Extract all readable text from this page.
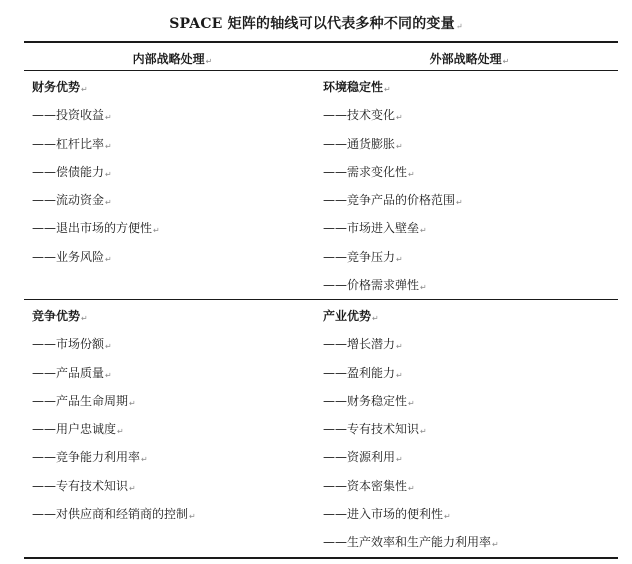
SPACE 矩阵的轴线可以代表多种不同的变量↵
内部战略处理↵	外部战略处理↵
财务优势↵
——投资收益↵
——杠杆比率↵
——偿债能力↵
——流动资金↵
——退出市场的方便性↵
——业务风险↵
环境稳定性↵
——技术变化↵
——通货膨胀↵
——需求变化性↵
——竞争产品的价格范围↵
——市场进入壁垒↵
——竞争压力↵
——价格需求弹性↵
竞争优势↵
——市场份额↵
——产品质量↵
——产品生命周期↵
——用户忠诚度↵
——竞争能力利用率↵
——专有技术知识↵
——对供应商和经销商的控制↵
产业优势↵
——增长潜力↵
——盈利能力↵
——财务稳定性↵
——专有技术知识↵
——资源利用↵
——资本密集性↵
——进入市场的便利性↵
——生产效率和生产能力利用率↵
